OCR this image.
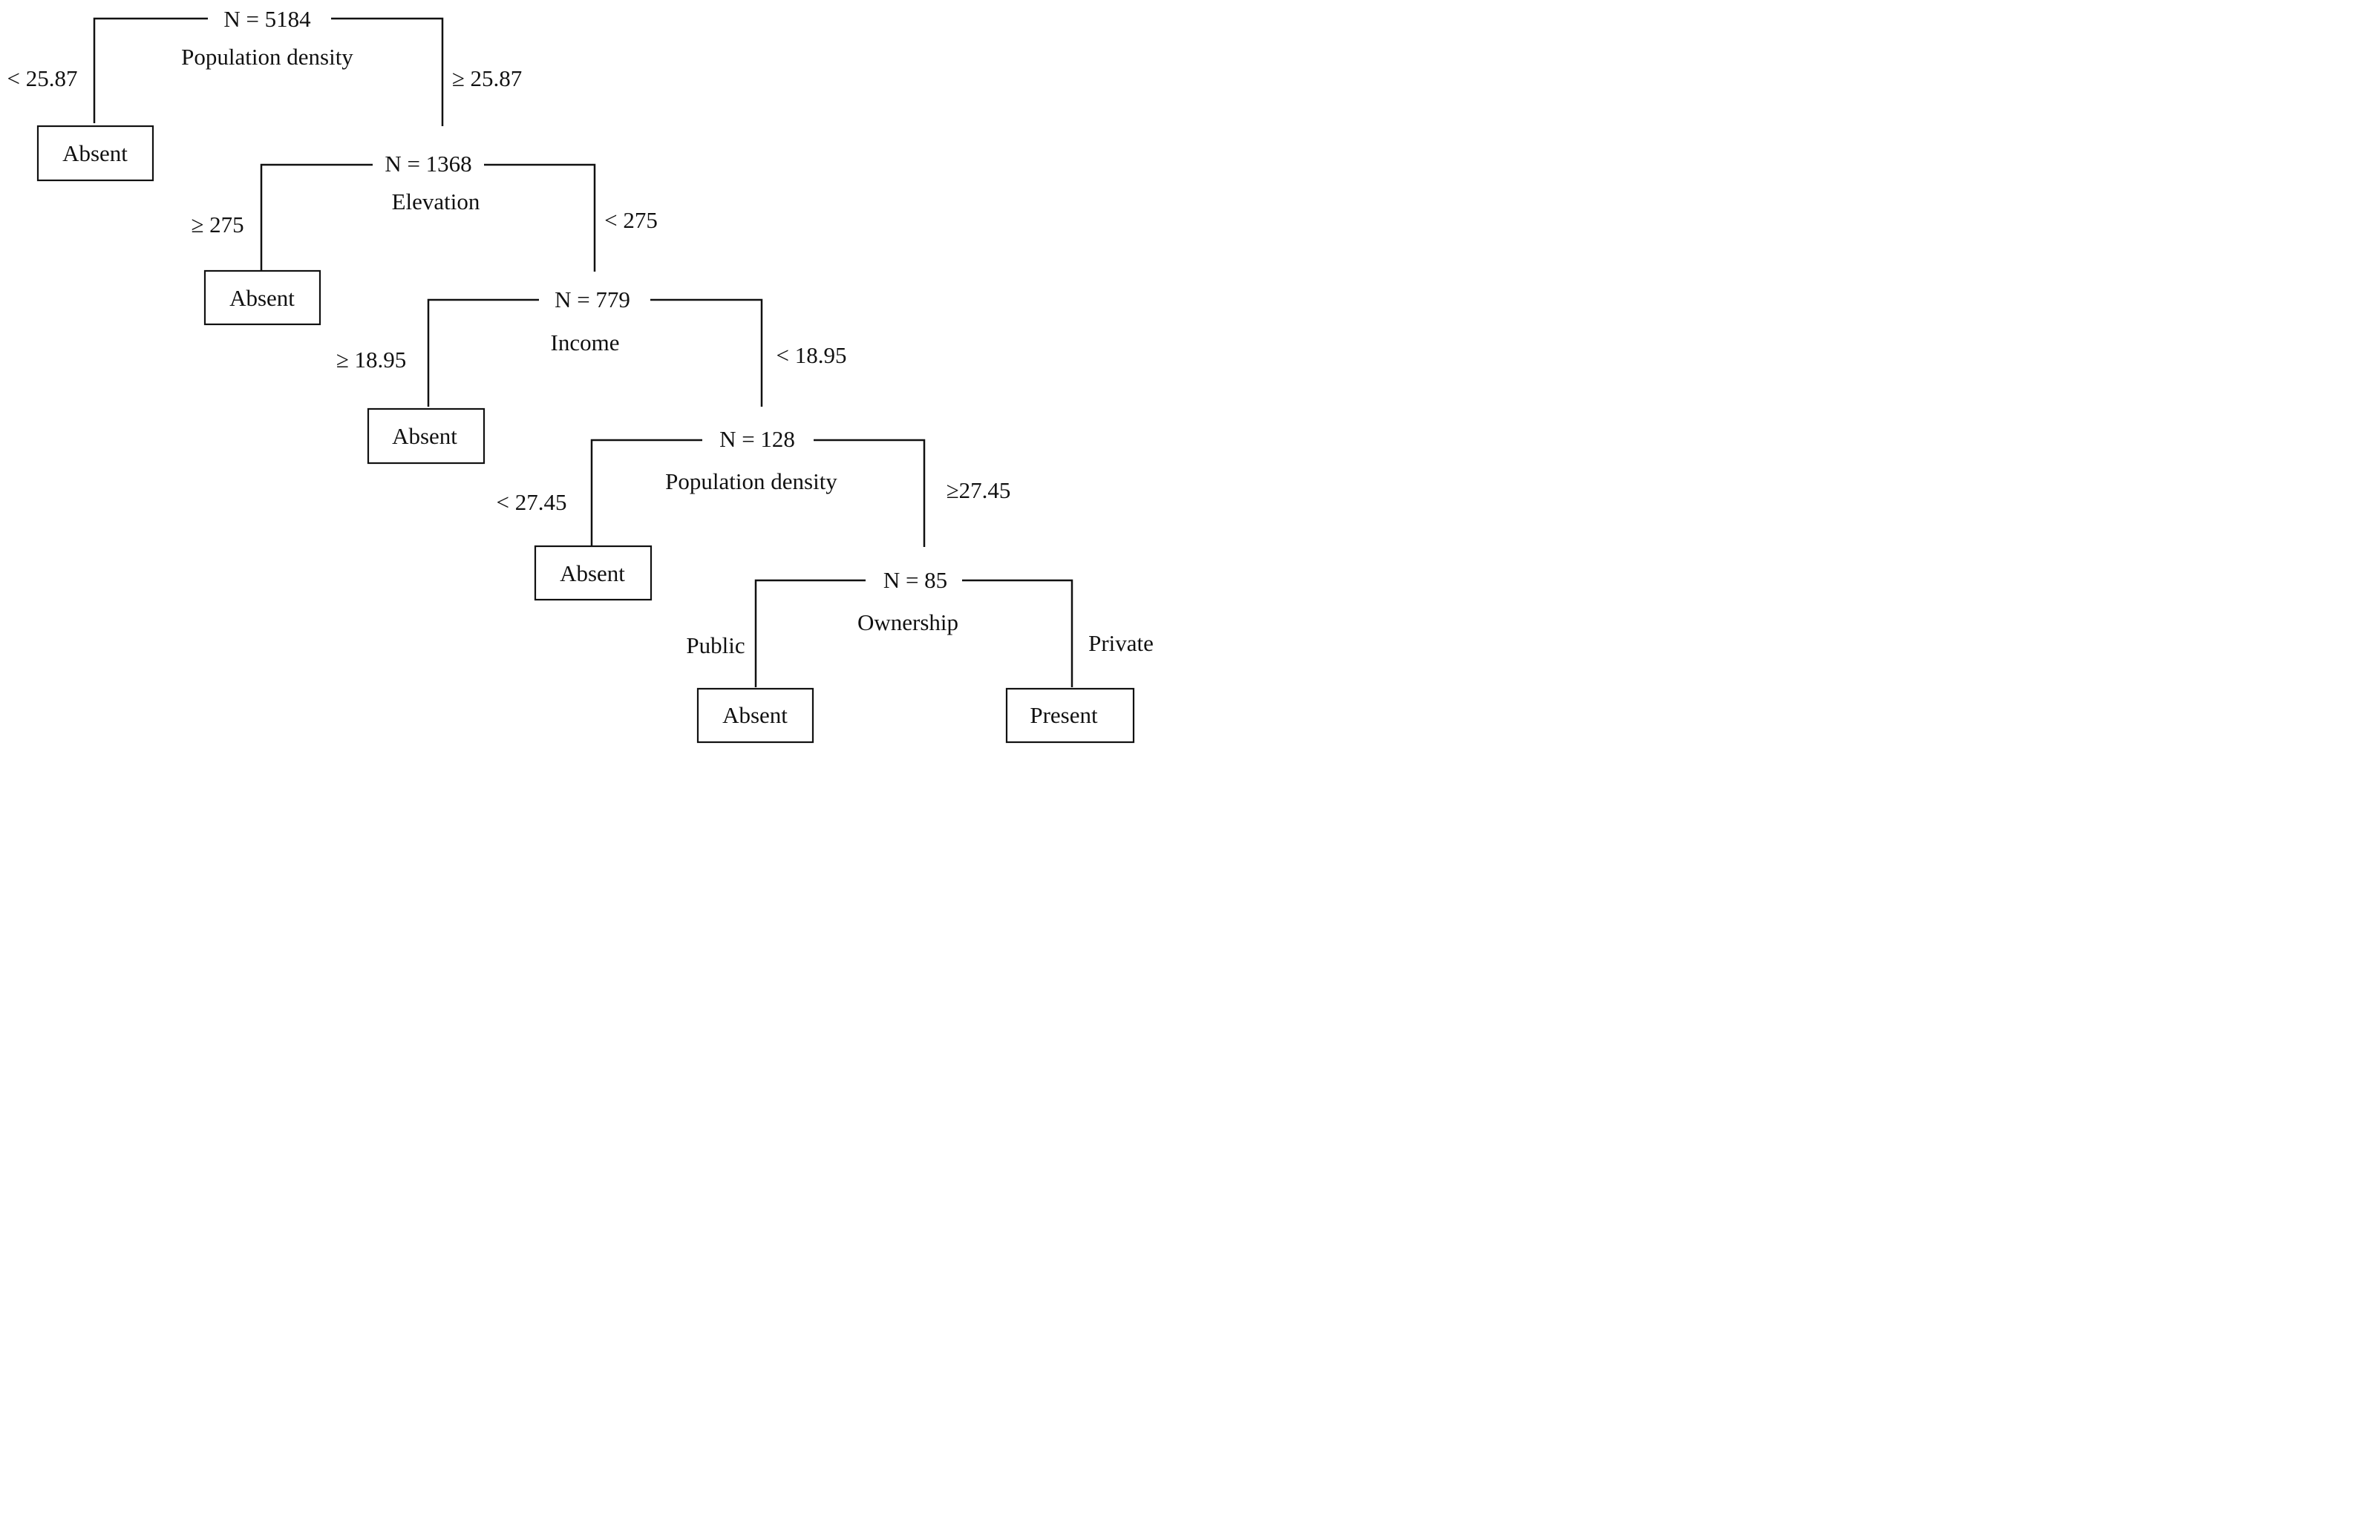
N = 5184
Population density
< 25.87	≥ 25.87
Absent	N = 1368
Elevation
≥ 275	< 275
Absent	N = 779
Income
≥ 18.95	< 18.95
Absent	N = 128
Population density
< 27.45	≥27.45
Absent	N = 85
Ownership
Public	Private
Absent	Present
